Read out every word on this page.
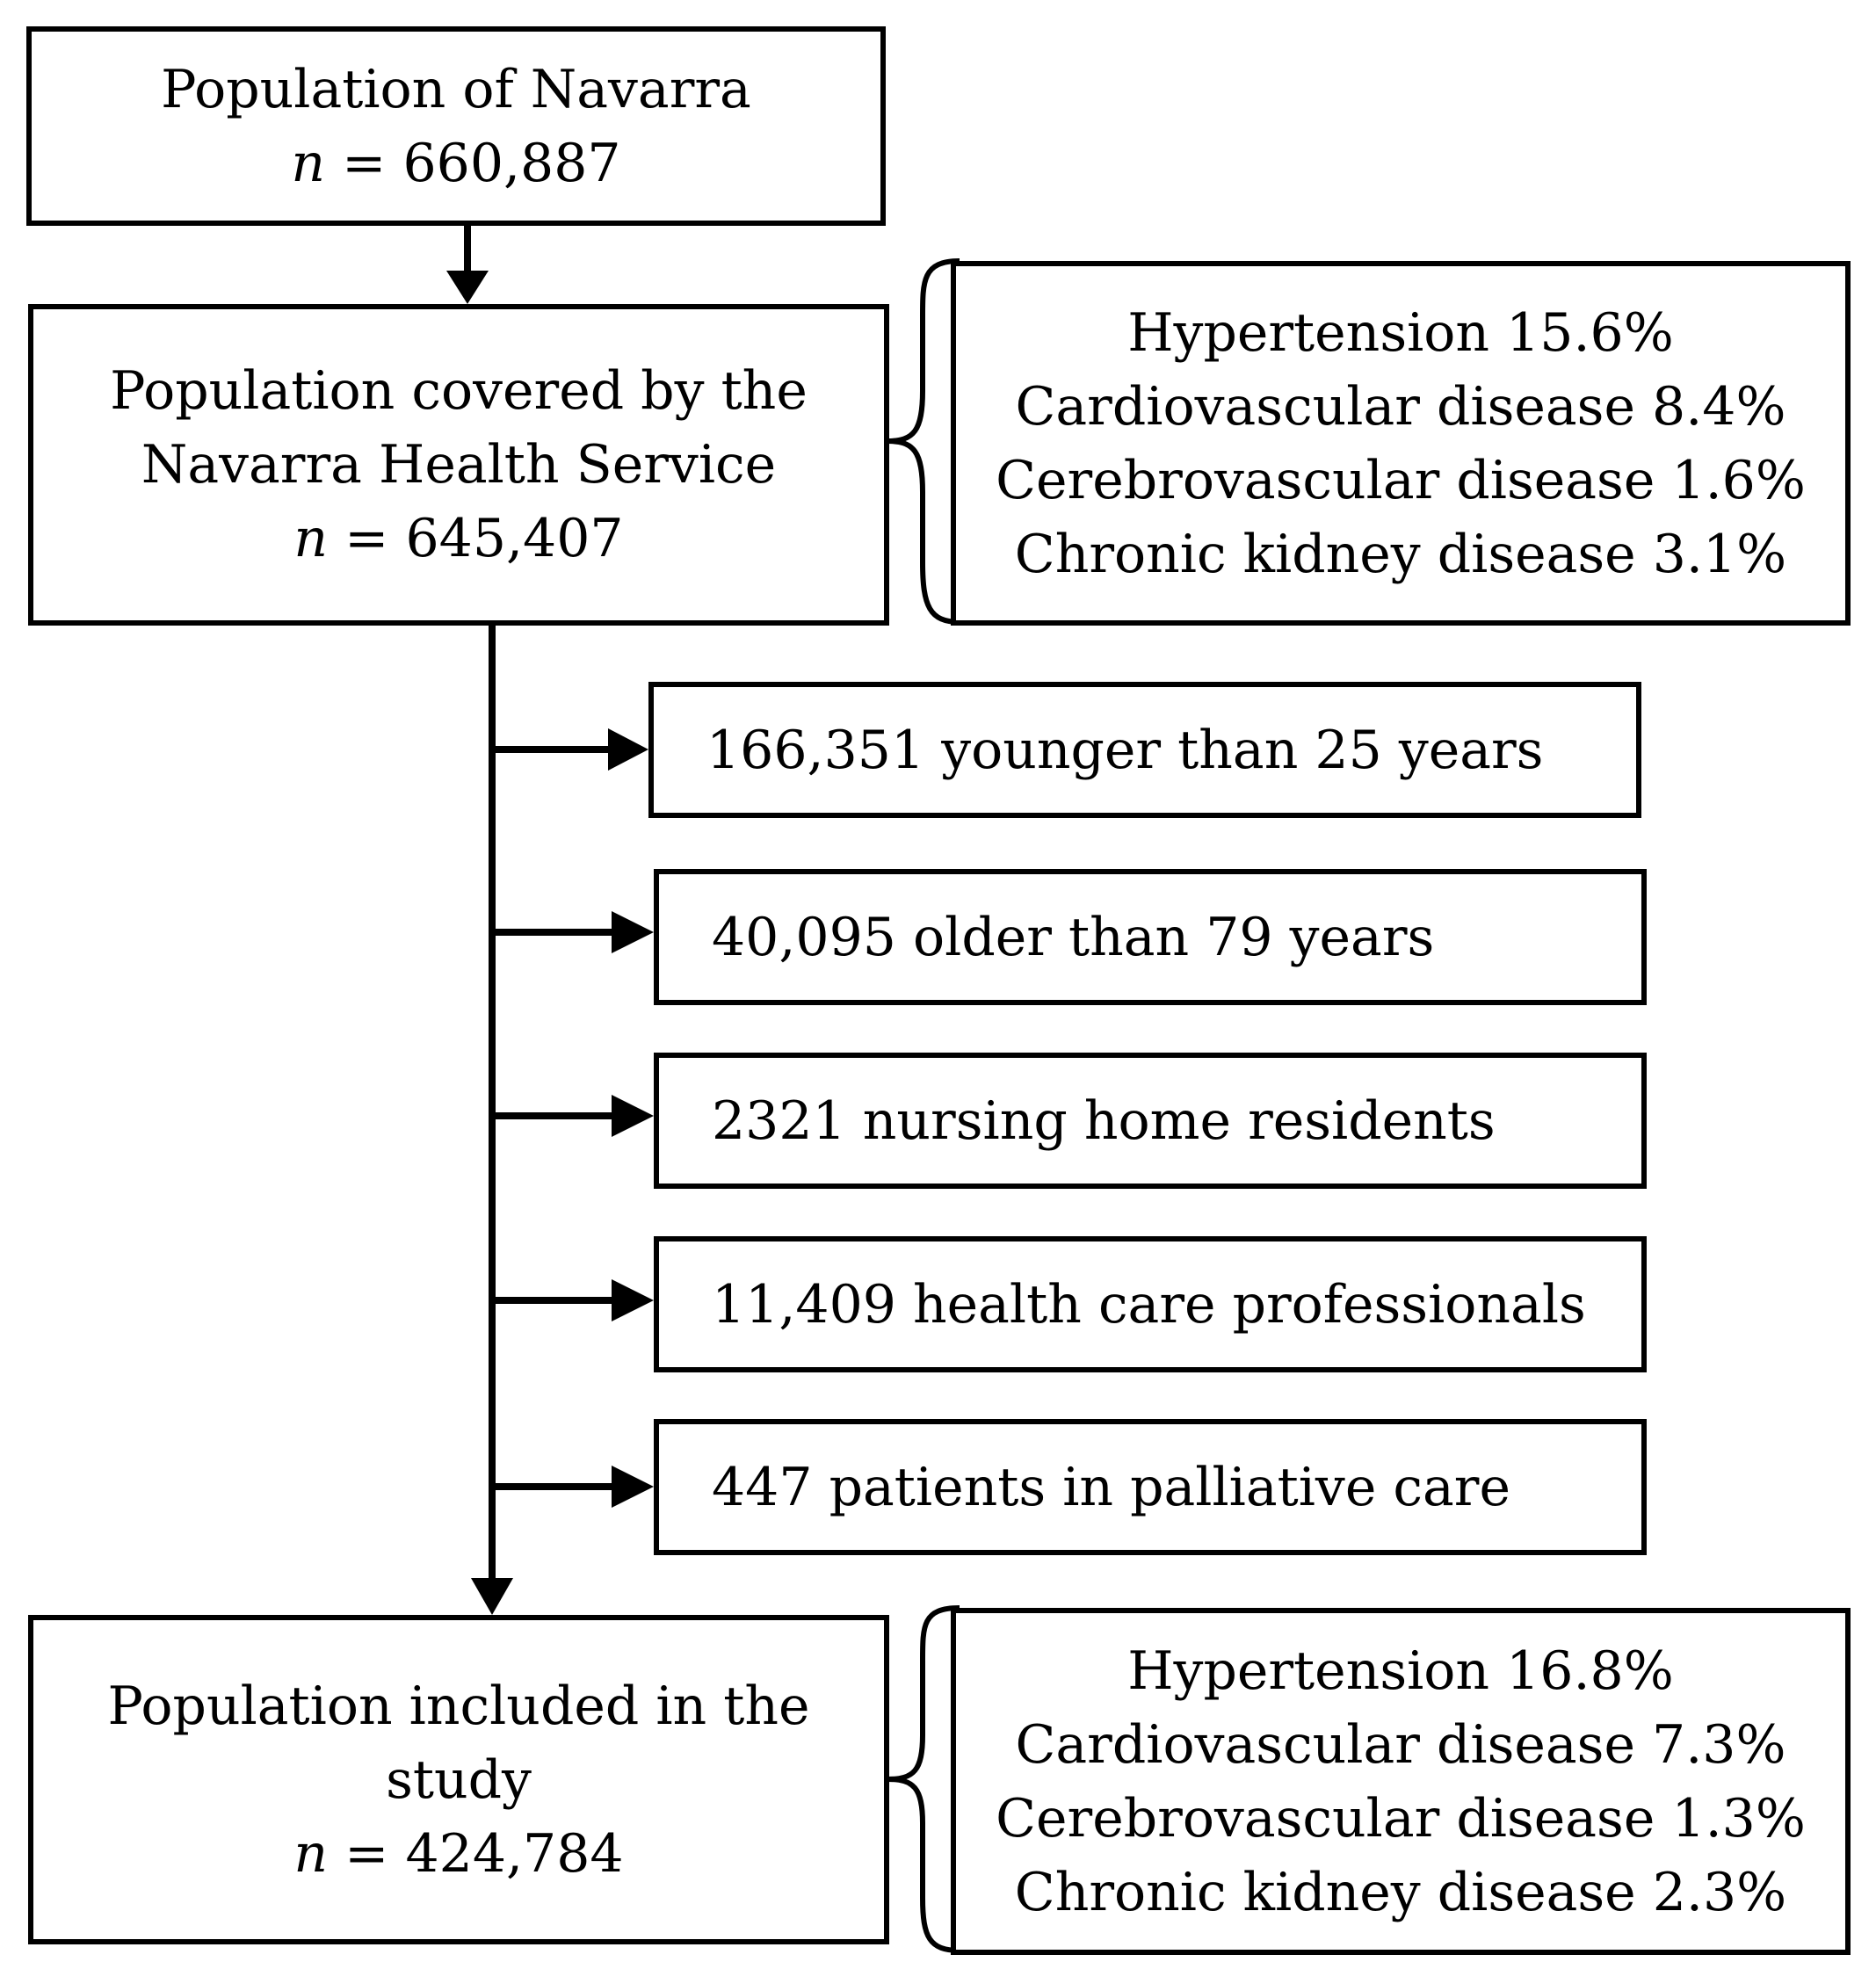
Population of Navarra
n = 660,887
Population covered by the
Navarra Health Service
n = 645,407
Hypertension 15.6%
Cardiovascular disease 8.4%
Cerebrovascular disease 1.6%
Chronic kidney disease 3.1%
166,351 younger than 25 years
40,095 older than 79 years
2321 nursing home residents
11,409 health care professionals
447 patients in palliative care
Population included in the
study
n = 424,784
Hypertension 16.8%
Cardiovascular disease 7.3%
Cerebrovascular disease 1.3%
Chronic kidney disease 2.3%
